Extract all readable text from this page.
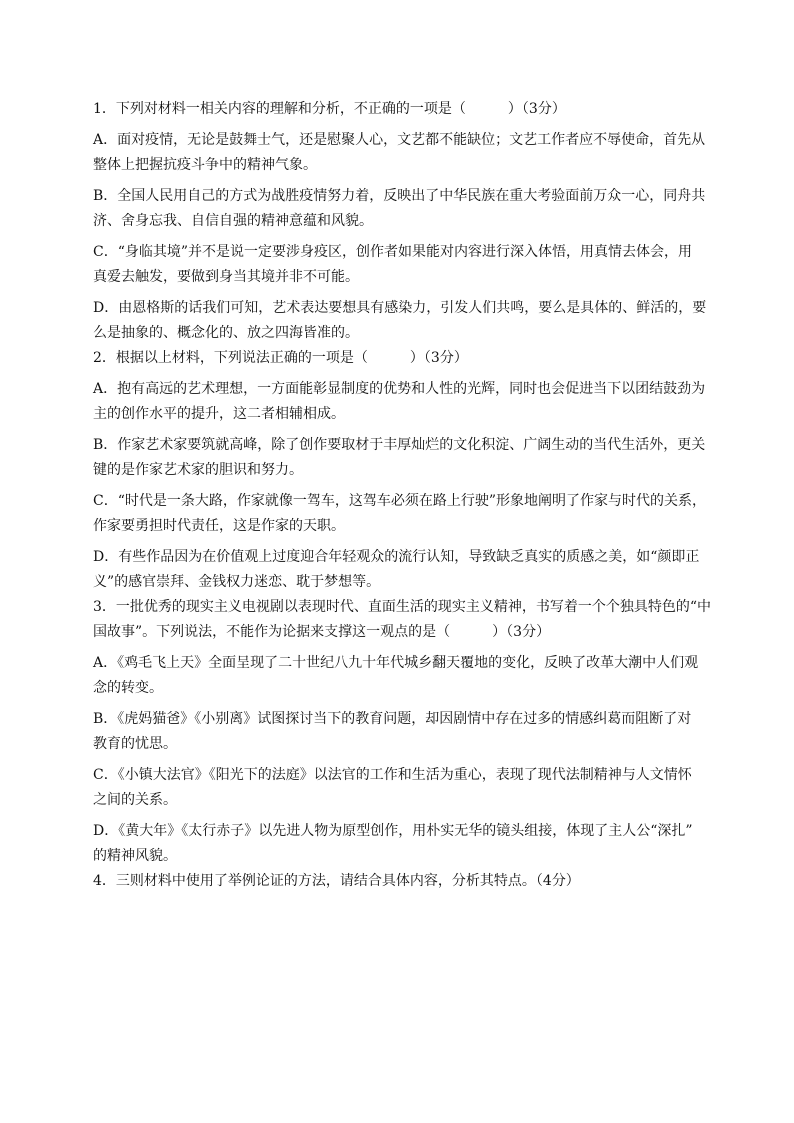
1．下列对材料一相关内容的理解和分析，不正确的一项是（　　　）（3分）
A．面对疫情，无论是鼓舞士气，还是慰聚人心，文艺都不能缺位；文艺工作者应不辱使命，首先从
整体上把握抗疫斗争中的精神气象。
B．全国人民用自己的方式为战胜疫情努力着，反映出了中华民族在重大考验面前万众一心，同舟共
济、舍身忘我、自信自强的精神意蕴和风貌。
C．“身临其境”并不是说一定要涉身疫区，创作者如果能对内容进行深入体悟，用真情去体会，用
真爱去触发，要做到身当其境并非不可能。
D．由恩格斯的话我们可知，艺术表达要想具有感染力，引发人们共鸣，要么是具体的、鲜活的，要
么是抽象的、概念化的、放之四海皆准的。
2．根据以上材料，下列说法正确的一项是（　　　）（3分）
A．抱有高远的艺术理想，一方面能彰显制度的优势和人性的光辉，同时也会促进当下以团结鼓劲为
主的创作水平的提升，这二者相辅相成。
B．作家艺术家要筑就高峰，除了创作要取材于丰厚灿烂的文化积淀、广阔生动的当代生活外，更关
键的是作家艺术家的胆识和努力。
C．“时代是一条大路，作家就像一驾车，这驾车必须在路上行驶”形象地阐明了作家与时代的关系，
作家要勇担时代责任，这是作家的天职。
D．有些作品因为在价值观上过度迎合年轻观众的流行认知，导致缺乏真实的质感之美，如“颜即正
义”的感官崇拜、金钱权力迷恋、耽于梦想等。
3．一批优秀的现实主义电视剧以表现时代、直面生活的现实主义精神，书写着一个个独具特色的“中
国故事”。下列说法，不能作为论据来支撑这一观点的是（　　　）（3分）
A．《鸡毛飞上天》全面呈现了二十世纪八九十年代城乡翻天覆地的变化，反映了改革大潮中人们观
念的转变。
B．《虎妈猫爸》《小别离》试图探讨当下的教育问题，却因剧情中存在过多的情感纠葛而阻断了对
教育的忧思。
C．《小镇大法官》《阳光下的法庭》以法官的工作和生活为重心，表现了现代法制精神与人文情怀
之间的关系。
D．《黄大年》《太行赤子》以先进人物为原型创作，用朴实无华的镜头组接，体现了主人公“深扎”
的精神风貌。
4．三则材料中使用了举例论证的方法，请结合具体内容，分析其特点。（4分）
